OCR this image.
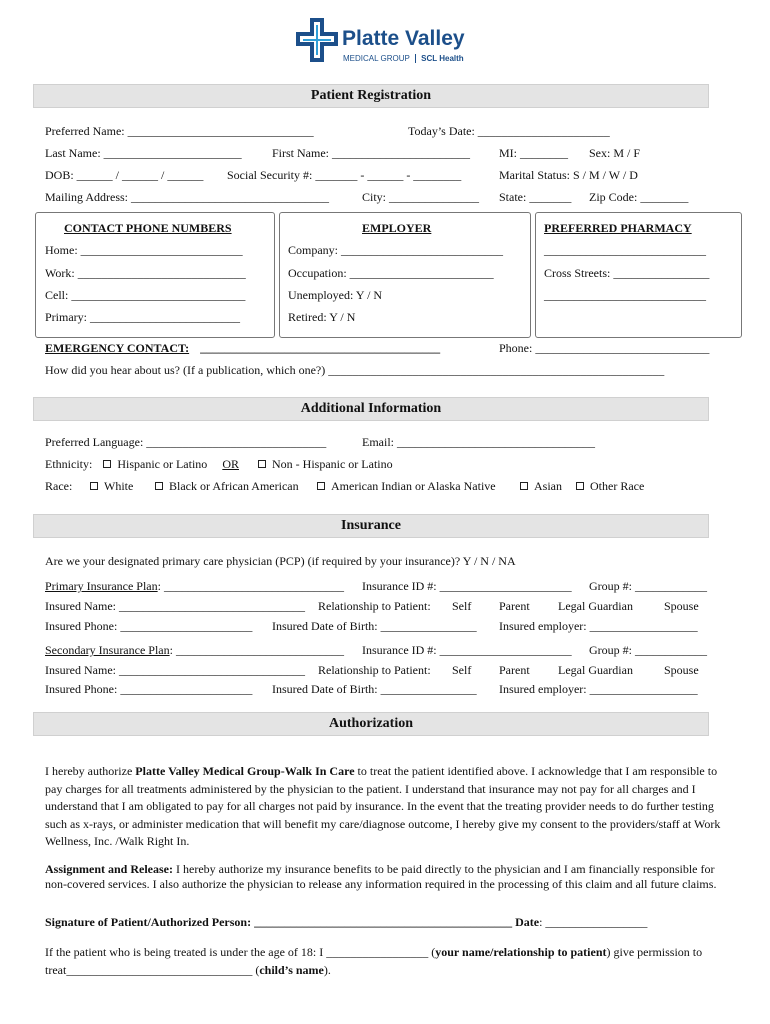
Platte Valley
MEDICAL GROUP SCL Health
Patient Registration
Preferred Name: _______________________________	Today’s Date: ______________________
Last Name: _______________________	First Name: _______________________ MI: ________ Sex: M / F
DOB: ______ / ______ / ______ Social Security #: _______ - ______ - ________	Marital Status: S / M / W / D
Mailing Address: _________________________________	City: _______________ State: _______ Zip Code: ________
CONTACT PHONE NUMBERS
Home: ___________________________
Work: ____________________________
Cell: _____________________________
Primary: _________________________
EMPLOYER
Company: ___________________________
Occupation: ________________________
Unemployed: Y / N
Retired: Y / N
PREFERRED PHARMACY
___________________________
Cross Streets: ________________
___________________________
EMERGENCY CONTACT: ________________________________________	Phone: _____________________________
How did you hear about us? (If a publication, which one?) ________________________________________________________
Additional Information
Preferred Language: ______________________________	Email: _________________________________
Ethnicity: Hispanic or Latino OR	Non - Hispanic or Latino
Race:	White	Black or African American	American Indian or Alaska Native	Asian	Other Race
Insurance
Are we your designated primary care physician (PCP) (if required by your insurance)? Y / N / NA
Primary Insurance Plan: ______________________________ Insurance ID #: ______________________ Group #: ____________
Insured Name: _______________________________ Relationship to Patient: Self Parent Legal Guardian	Spouse
Insured Phone: ______________________ Insured Date of Birth: ________________ Insured employer: __________________
Secondary Insurance Plan: ____________________________ Insurance ID #: ______________________ Group #: ____________
Insured Name: _______________________________ Relationship to Patient: Self Parent Legal Guardian	Spouse
Insured Phone: ______________________ Insured Date of Birth: ________________ Insured employer: __________________
Authorization
I hereby authorize Platte Valley Medical Group-Walk In Care to treat the patient identified above. I acknowledge that I am responsible to pay charges for all treatments administered by the physician to the patient. I understand that insurance may not pay for all charges and I understand that I am obligated to pay for all charges not paid by insurance. In the event that the treating provider needs to do further testing such as x-rays, or administer medication that will benefit my care/diagnose outcome, I hereby give my consent to the providers/staff at Work Wellness, Inc. /Walk Right In.
Assignment and Release: I hereby authorize my insurance benefits to be paid directly to the physician and I am financially responsible for non-covered services. I also authorize the physician to release any information required in the processing of this claim and all future claims.
Signature of Patient/Authorized Person: ___________________________________________ Date: _________________
If the patient who is being treated is under the age of 18: I _________________ (your name/relationship to patient) give permission to treat_______________________________ (child’s name).
